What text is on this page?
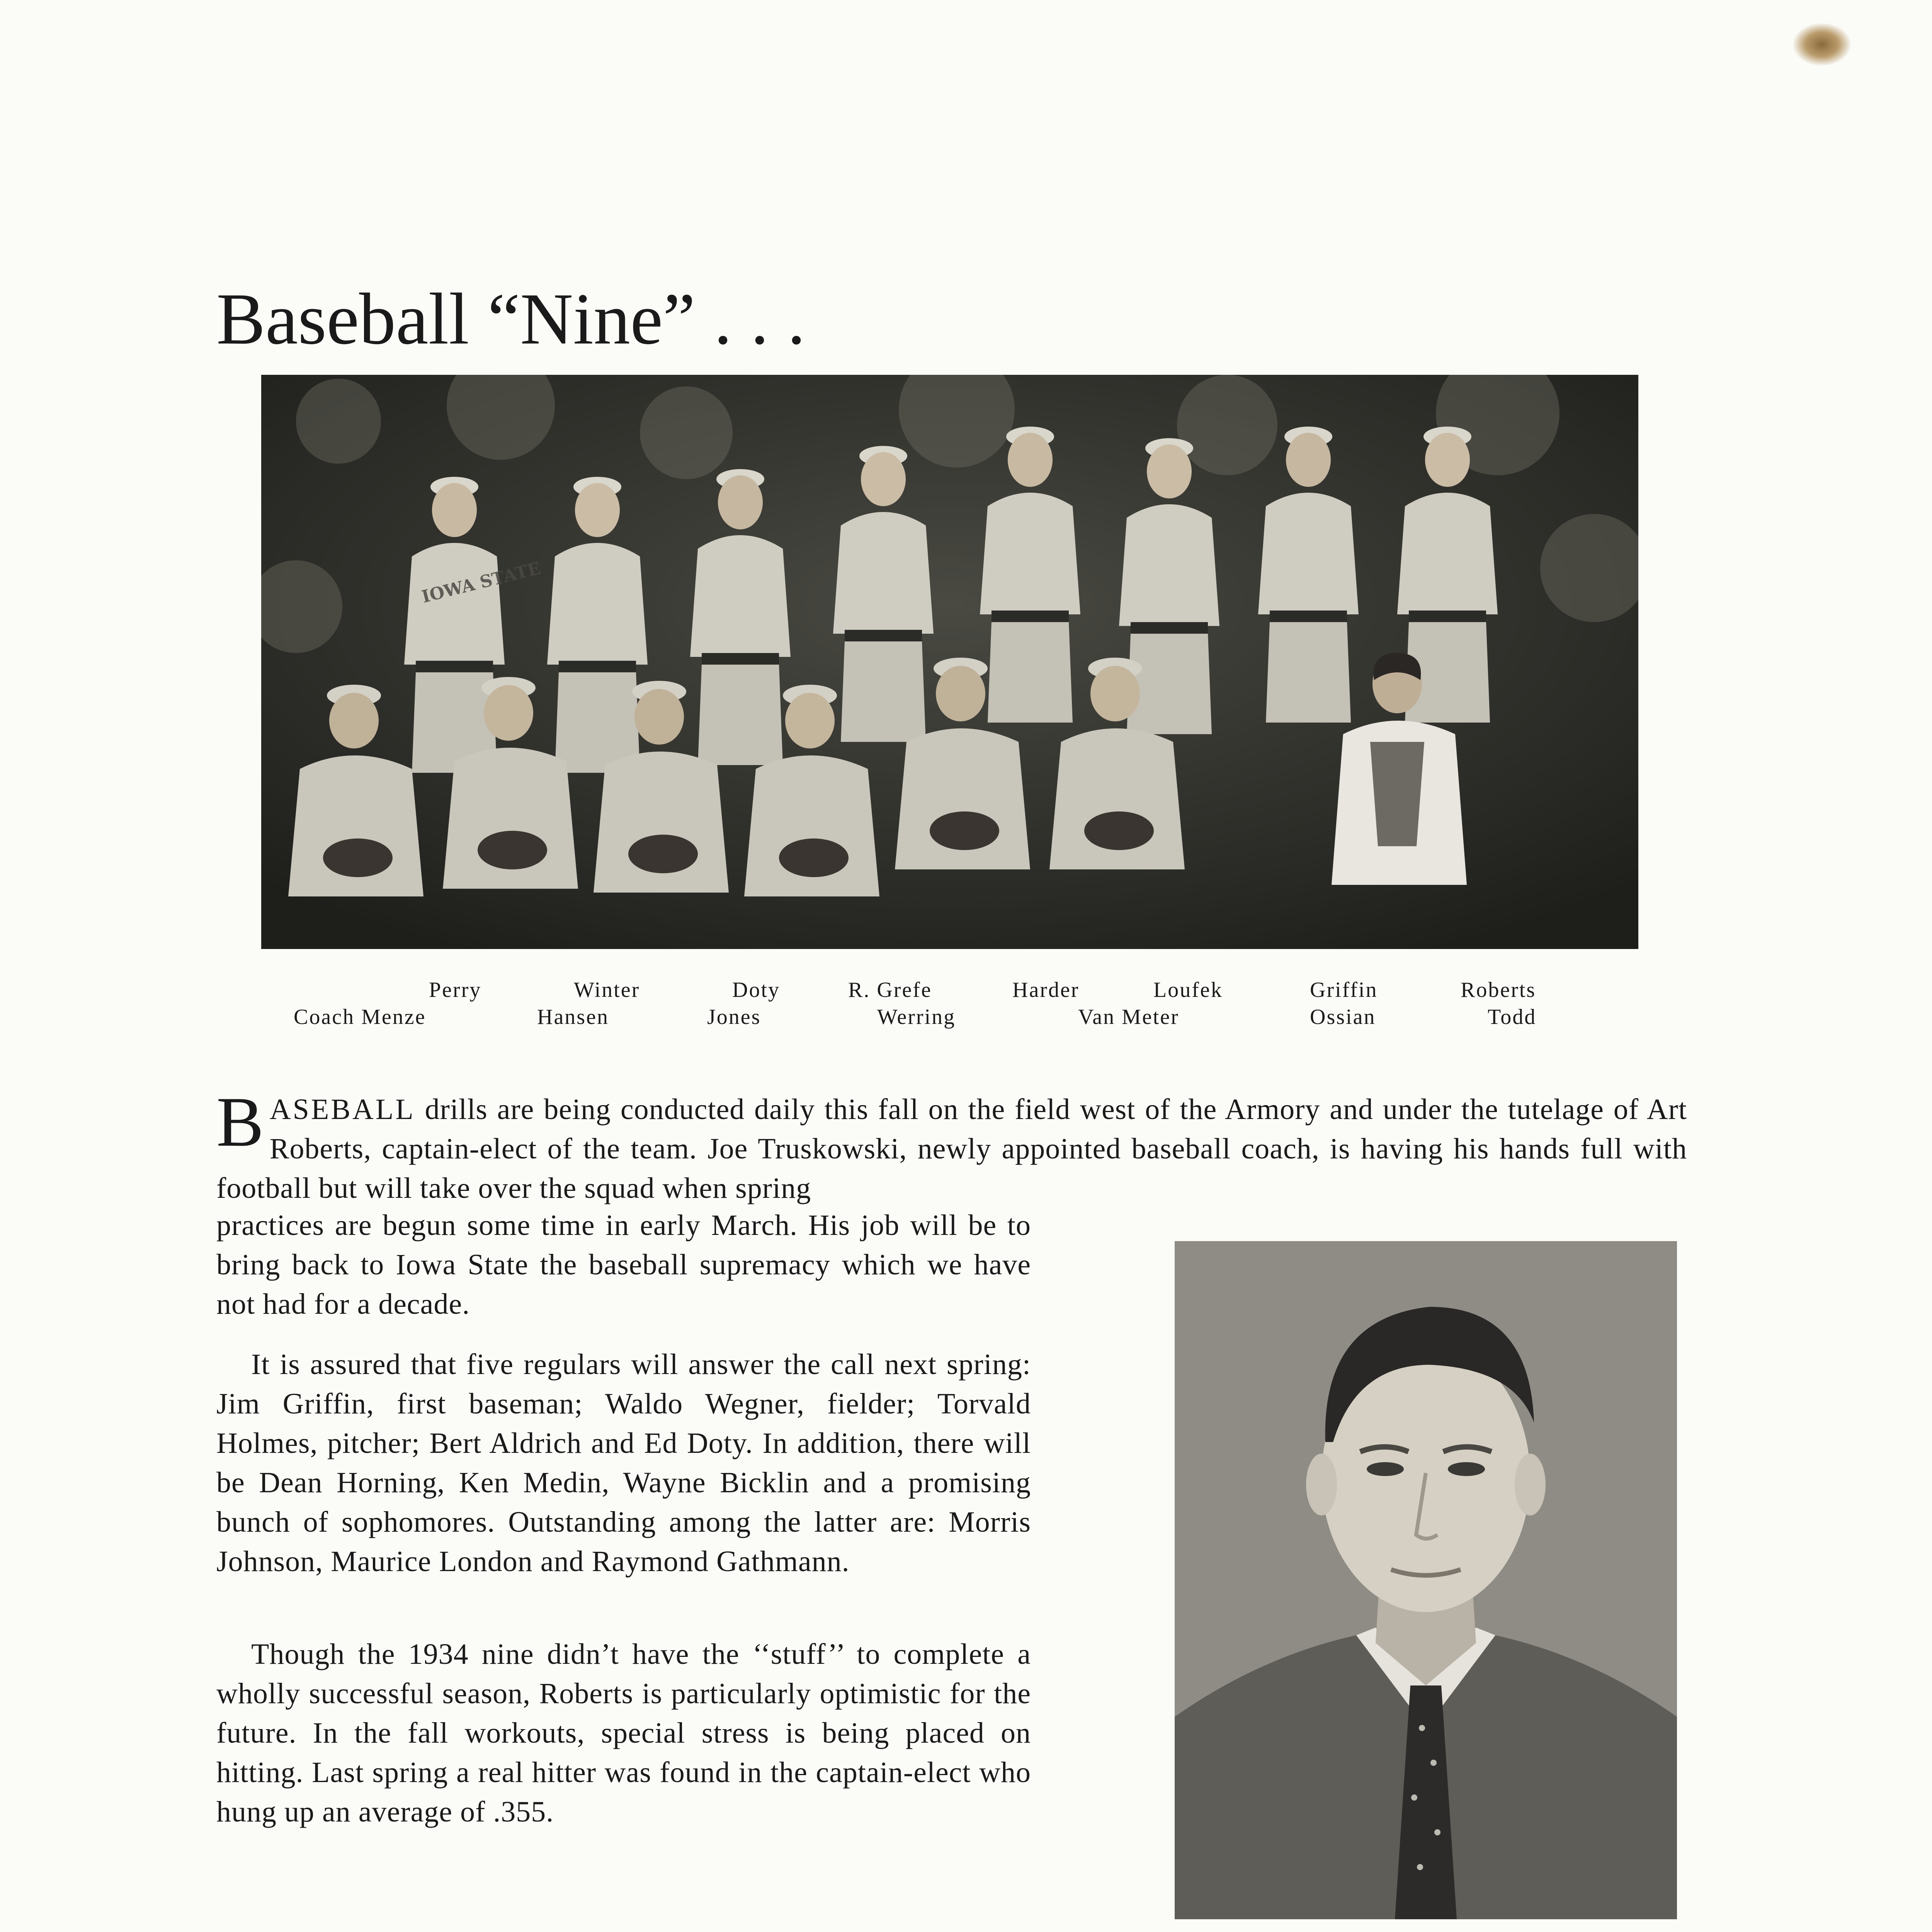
Baseball “Nine” . . .
IOWA STATE
Perry	Winter	Doty	R. Grefe	Harder	Loufek	Griffin	Roberts
Coach Menze	Hansen	Jones	Werring	Van Meter	Ossian	Todd
BASEBALL drills are being conducted daily this fall on the field west of the Armory and under the tutelage of Art Roberts, captain-elect of the team. Joe Truskowski, newly appointed baseball coach, is having his hands full with football but will take over the squad when spring
practices are begun some time in early March. His job will be to bring back to Iowa State the baseball supremacy which we have not had for a decade.
It is assured that five regulars will answer the call next spring: Jim Griffin, first baseman; Waldo Wegner, fielder; Torvald Holmes, pitcher; Bert Aldrich and Ed Doty. In addition, there will be Dean Horning, Ken Medin, Wayne Bicklin and a promising bunch of sophomores. Outstanding among the latter are: Morris Johnson, Maurice London and Raymond Gathmann.
Though the 1934 nine didn’t have the ‘‘stuff’’ to complete a wholly successful season, Roberts is particularly optimistic for the future. In the fall workouts, special stress is being placed on hitting. Last spring a real hitter was found in the captain-elect who hung up an average of .355.
